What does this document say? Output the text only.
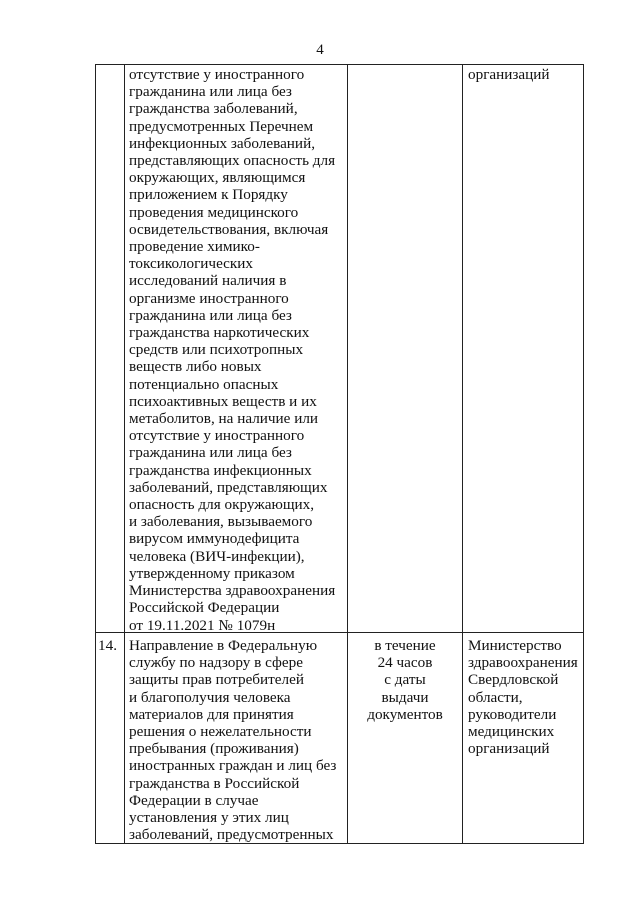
4
отсутствие у иностранного
гражданина или лица без
гражданства заболеваний,
предусмотренных Перечнем
инфекционных заболеваний,
представляющих опасность для
окружающих, являющимся
приложением к Порядку
проведения медицинского
освидетельствования, включая
проведение химико-
токсикологических
исследований наличия в
организме иностранного
гражданина или лица без
гражданства наркотических
средств или психотропных
веществ либо новых
потенциально опасных
психоактивных веществ и их
метаболитов, на наличие или
отсутствие у иностранного
гражданина или лица без
гражданства инфекционных
заболеваний, представляющих
опасность для окружающих,
и заболевания, вызываемого
вирусом иммунодефицита
человека (ВИЧ-инфекции),
утвержденному приказом
Министерства здравоохранения
Российской Федерации
от 19.11.2021 № 1079н
организаций
14. Направление в Федеральную
службу по надзору в сфере
защиты прав потребителей
и благополучия человека
материалов для принятия
решения о нежелательности
пребывания (проживания)
иностранных граждан и лиц без
гражданства в Российской
Федерации в случае
установления у этих лиц
заболеваний, предусмотренных
в течение
24 часов
с даты
выдачи
документов
Министерство
здравоохранения
Свердловской
области,
руководители
медицинских
организаций
